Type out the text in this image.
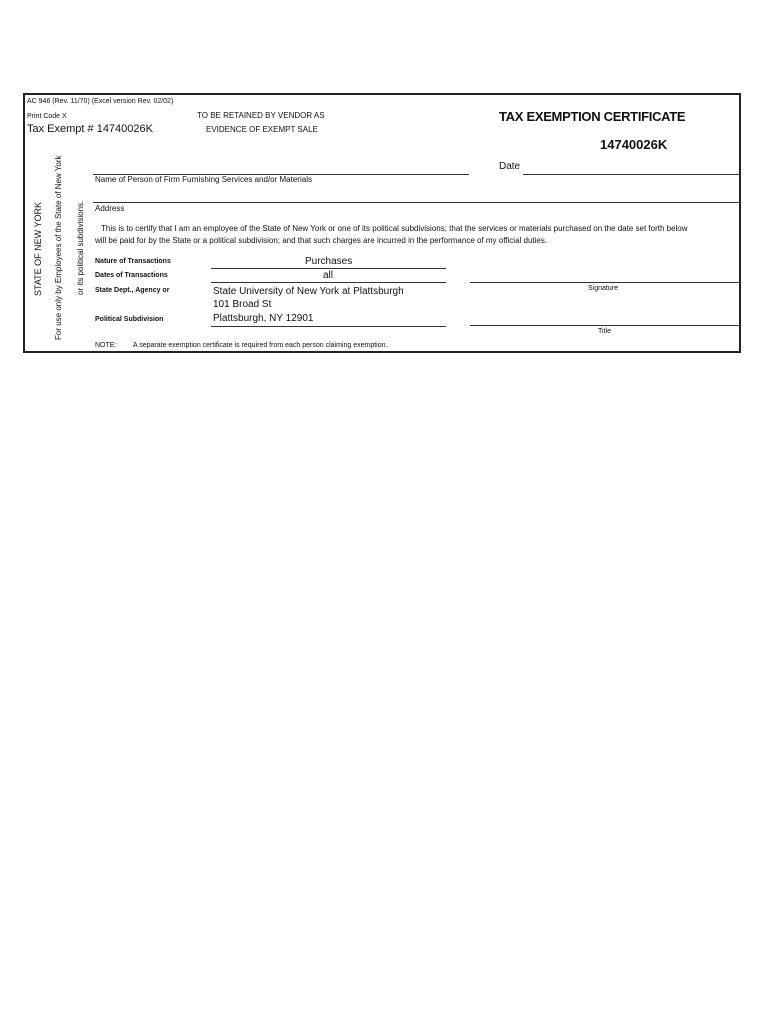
AC 946 (Rev. 11/70) (Excel version Rev. 02/02)
Print Code X
Tax Exempt # 14740026K
TO BE RETAINED BY VENDOR AS
EVIDENCE OF EXEMPT SALE
TAX EXEMPTION CERTIFICATE
14740026K
STATE OF NEW YORK For use only by Employees of the State of New York or its political subdivisions.
Date
Name of Person of Firm Furnishing Services and/or Materials
Address
This is to certify that I am an employee of the State of New York or one of its political subdivisions; that the services or materials purchased on the date set forth below will be paid for by the State or a political subdivision; and that such charges are incurred in the performance of my official duties.
Nature of Transactions	Purchases
Dates of Transactions	all
State Dept., Agency or	State University of New York at Plattsburgh
101 Broad St
Political Subdivision	Plattsburgh, NY 12901
Signature
Title
NOTE: A separate exemption certificate is required from each person claiming exemption.
